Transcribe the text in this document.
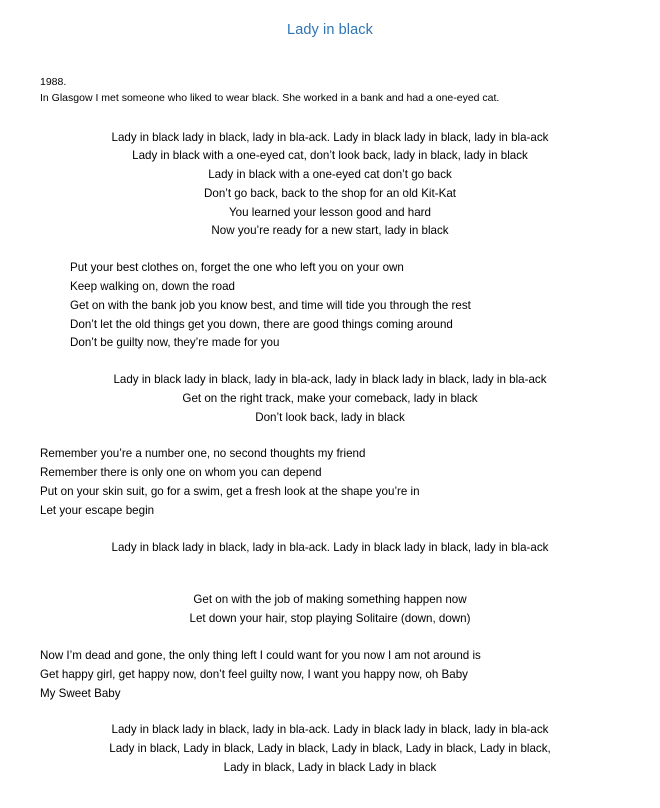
Lady in black
1988.
In Glasgow I met someone who liked to wear black. She worked in a bank and had a one-eyed cat.
Lady in black lady in black, lady in bla-ack. Lady in black lady in black, lady in bla-ack
Lady in black with a one-eyed cat, don’t look back, lady in black, lady in black
Lady in black with a one-eyed cat don’t go back
Don’t go back, back to the shop for an old Kit-Kat
You learned your lesson good and hard
Now you’re ready for a new start, lady in black
Put your best clothes on, forget the one who left you on your own
Keep walking on, down the road
Get on with the bank job you know best, and time will tide you through the rest
Don’t let the old things get you down, there are good things coming around
Don’t be guilty now, they’re made for you
Lady in black lady in black, lady in bla-ack, lady in black lady in black, lady in bla-ack
Get on the right track, make your comeback, lady in black
Don’t look back, lady in black
Remember you’re a number one, no second thoughts my friend
Remember there is only one on whom you can depend
Put on your skin suit, go for a swim, get a fresh look at the shape you’re in
Let your escape begin
Lady in black lady in black, lady in bla-ack. Lady in black lady in black, lady in bla-ack
Get on with the job of making something happen now
Let down your hair, stop playing Solitaire (down, down)
Now I’m dead and gone, the only thing left I could want for you now I am not around is
Get happy girl, get happy now, don’t feel guilty now, I want you happy now, oh Baby
My Sweet Baby
Lady in black lady in black, lady in bla-ack. Lady in black lady in black, lady in bla-ack
Lady in black, Lady in black, Lady in black, Lady in black, Lady in black, Lady in black,
Lady in black, Lady in black Lady in black
